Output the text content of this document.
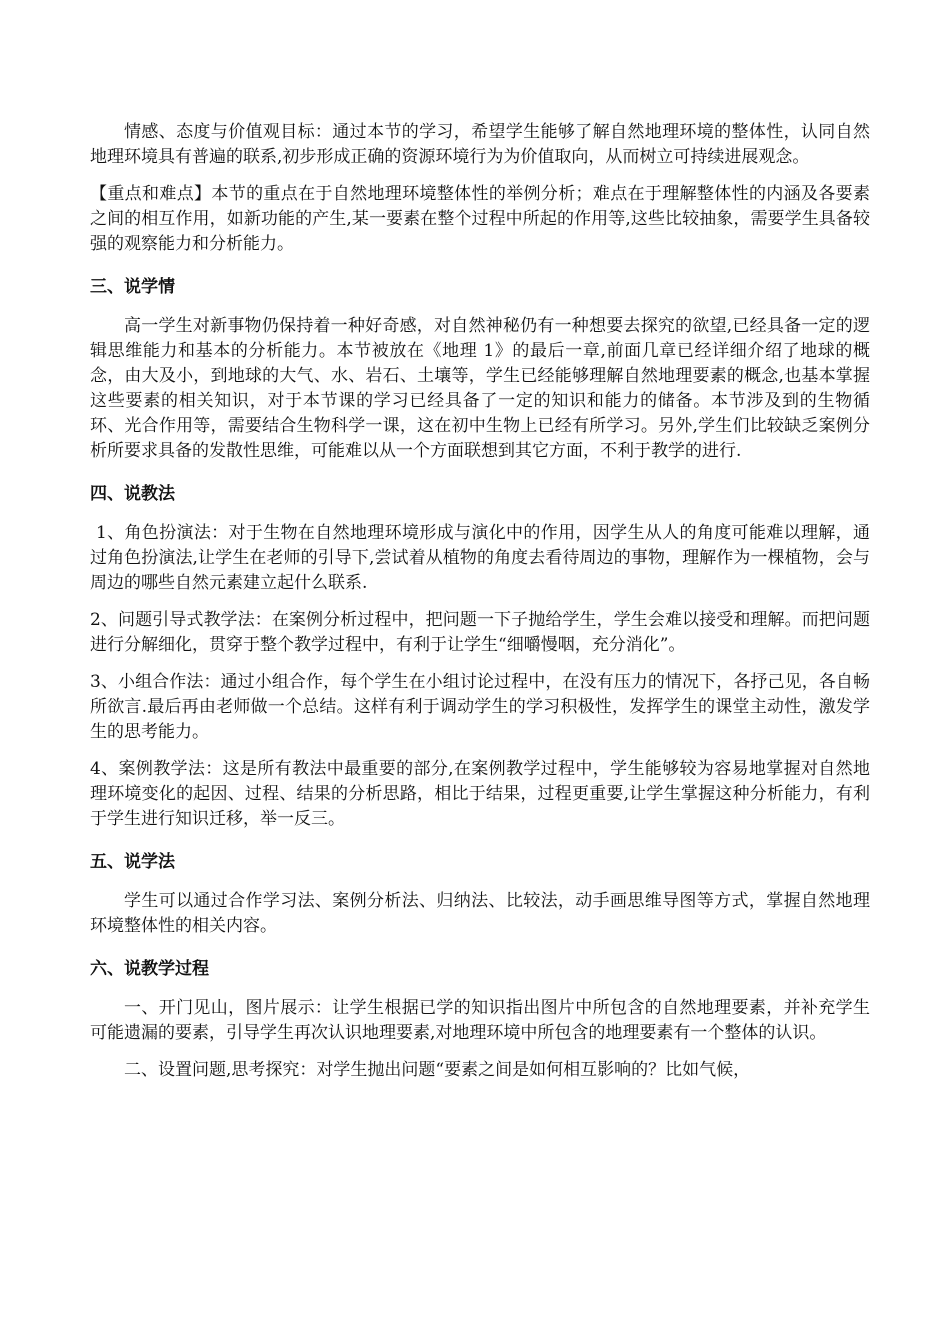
情感、态度与价值观目标：通过本节的学习，希望学生能够了解自然地理环境的整体性，认同自然地理环境具有普遍的联系,初步形成正确的资源环境行为为价值取向，从而树立可持续进展观念。

【重点和难点】本节的重点在于自然地理环境整体性的举例分析；难点在于理解整体性的内涵及各要素之间的相互作用，如新功能的产生,某一要素在整个过程中所起的作用等,这些比较抽象，需要学生具备较强的观察能力和分析能力。

三、说学情

高一学生对新事物仍保持着一种好奇感，对自然神秘仍有一种想要去探究的欲望,已经具备一定的逻辑思维能力和基本的分析能力。本节被放在《地理 1》的最后一章,前面几章已经详细介绍了地球的概念，由大及小，到地球的大气、水、岩石、土壤等，学生已经能够理解自然地理要素的概念,也基本掌握这些要素的相关知识，对于本节课的学习已经具备了一定的知识和能力的储备。本节涉及到的生物循环、光合作用等，需要结合生物科学一课，这在初中生物上已经有所学习。另外,学生们比较缺乏案例分析所要求具备的发散性思维，可能难以从一个方面联想到其它方面，不利于教学的进行.

四、说教法

1、角色扮演法：对于生物在自然地理环境形成与演化中的作用，因学生从人的角度可能难以理解，通过角色扮演法,让学生在老师的引导下,尝试着从植物的角度去看待周边的事物，理解作为一棵植物，会与周边的哪些自然元素建立起什么联系.

2、问题引导式教学法：在案例分析过程中，把问题一下子抛给学生，学生会难以接受和理解。而把问题进行分解细化，贯穿于整个教学过程中，有利于让学生“细嚼慢咽，充分消化”。

3、小组合作法：通过小组合作，每个学生在小组讨论过程中，在没有压力的情况下，各抒己见，各自畅所欲言.最后再由老师做一个总结。这样有利于调动学生的学习积极性，发挥学生的课堂主动性，激发学生的思考能力。

4、案例教学法：这是所有教法中最重要的部分,在案例教学过程中，学生能够较为容易地掌握对自然地理环境变化的起因、过程、结果的分析思路，相比于结果，过程更重要,让学生掌握这种分析能力，有利于学生进行知识迁移，举一反三。

五、说学法

学生可以通过合作学习法、案例分析法、归纳法、比较法，动手画思维导图等方式，掌握自然地理环境整体性的相关内容。

六、说教学过程

一、开门见山，图片展示：让学生根据已学的知识指出图片中所包含的自然地理要素，并补充学生可能遗漏的要素，引导学生再次认识地理要素,对地理环境中所包含的地理要素有一个整体的认识。

二、设置问题,思考探究：对学生抛出问题“要素之间是如何相互影响的？比如气候，
